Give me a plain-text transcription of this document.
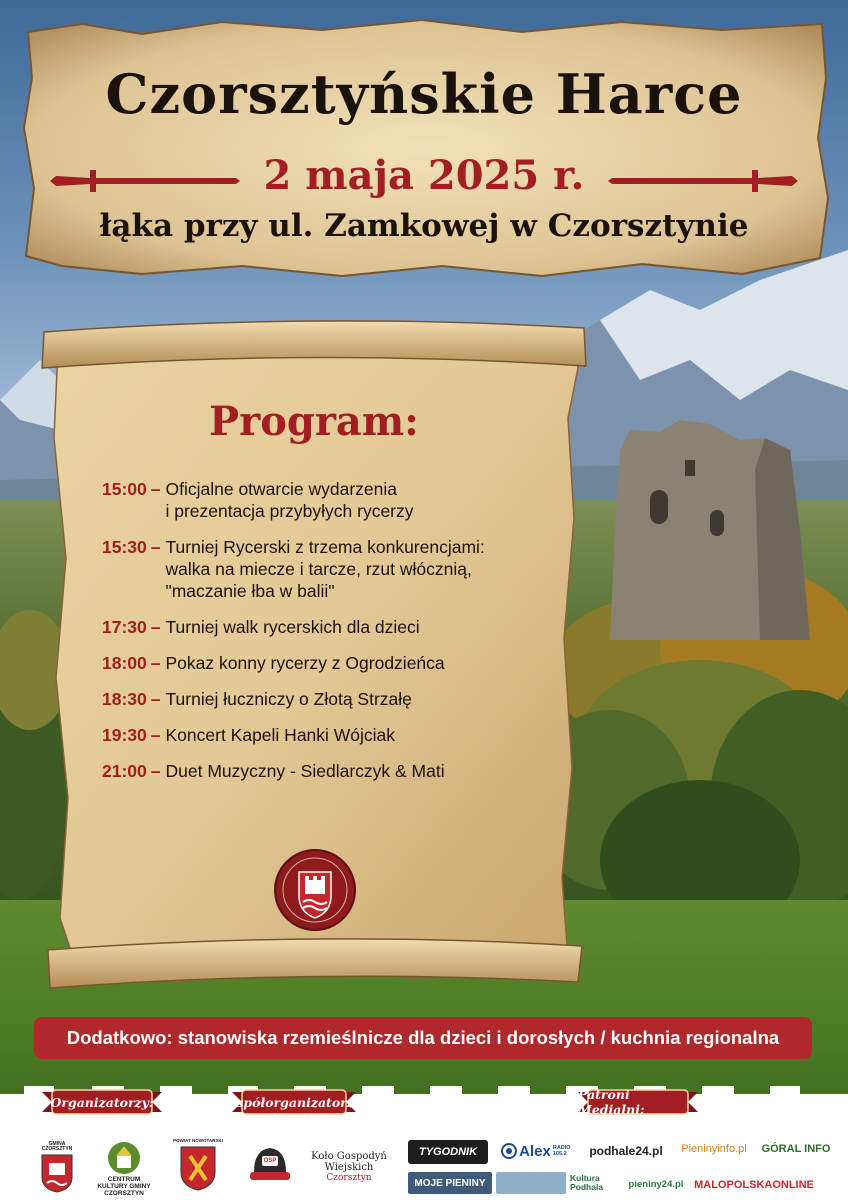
Czorsztyńskie Harce
2 maja 2025 r.
łąka przy ul. Zamkowej w Czorsztynie
Program:
15:00 – Oficjalne otwarcie wydarzenia
i prezentacja przybyłych rycerzy
15:30 – Turniej Rycerski z trzema konkurencjami:
walka na miecze i tarcze, rzut włócznią,
"maczanie łba w balii"
17:30 – Turniej walk rycerskich dla dzieci
18:00 – Pokaz konny rycerzy z Ogrodzieńca
18:30 – Turniej łuczniczy o Złotą Strzałę
19:30 – Koncert Kapeli Hanki Wójciak
21:00 – Duet Muzyczny - Siedlarczyk & Mati
Dodatkowo: stanowiska rzemieślnicze dla dzieci i dorosłych / kuchnia regionalna
Organizatorzy:	Współorganizatorzy:	Patroni Medialni:
GMINA CZORSZTYN
CENTRUM KULTURY GMINY CZORSZTYN
POWIAT NOWOTARSKI
OSP	Koło Gospodyń
Wiejskich
Czorsztyn
TYGODNIK	Alex RADIO 105.2	podhale24.pl	Pieninyinfo.pl	GÓRAL INFO
MOJE PIENINY	Kultura Podhala	pieniny24.pl MALOPOLSKAONLINE
